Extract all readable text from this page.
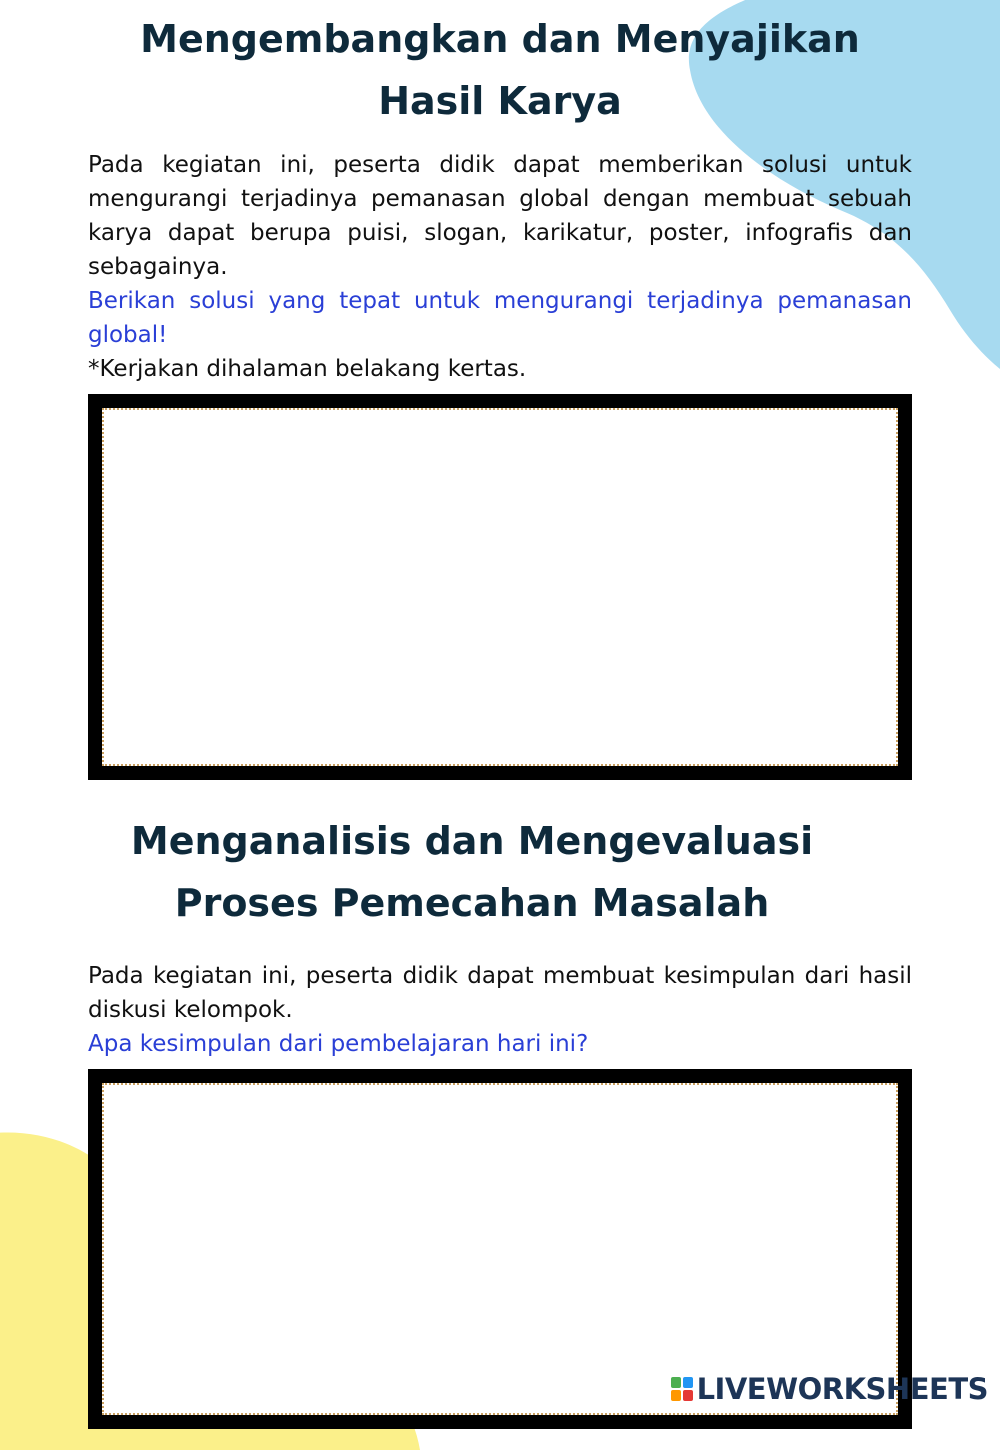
Mengembangkan dan Menyajikan
Hasil Karya
Pada kegiatan ini, peserta didik dapat memberikan solusi untuk mengurangi terjadinya pemanasan global dengan membuat sebuah karya dapat berupa puisi, slogan, karikatur, poster, infografis dan sebagainya.
Berikan solusi yang tepat untuk mengurangi terjadinya pemanasan global!
*Kerjakan dihalaman belakang kertas.
Menganalisis dan Mengevaluasi
Proses Pemecahan Masalah
Pada kegiatan ini, peserta didik dapat membuat kesimpulan dari hasil diskusi kelompok.
Apa kesimpulan dari pembelajaran hari ini?
LIVEWORKSHEETS
